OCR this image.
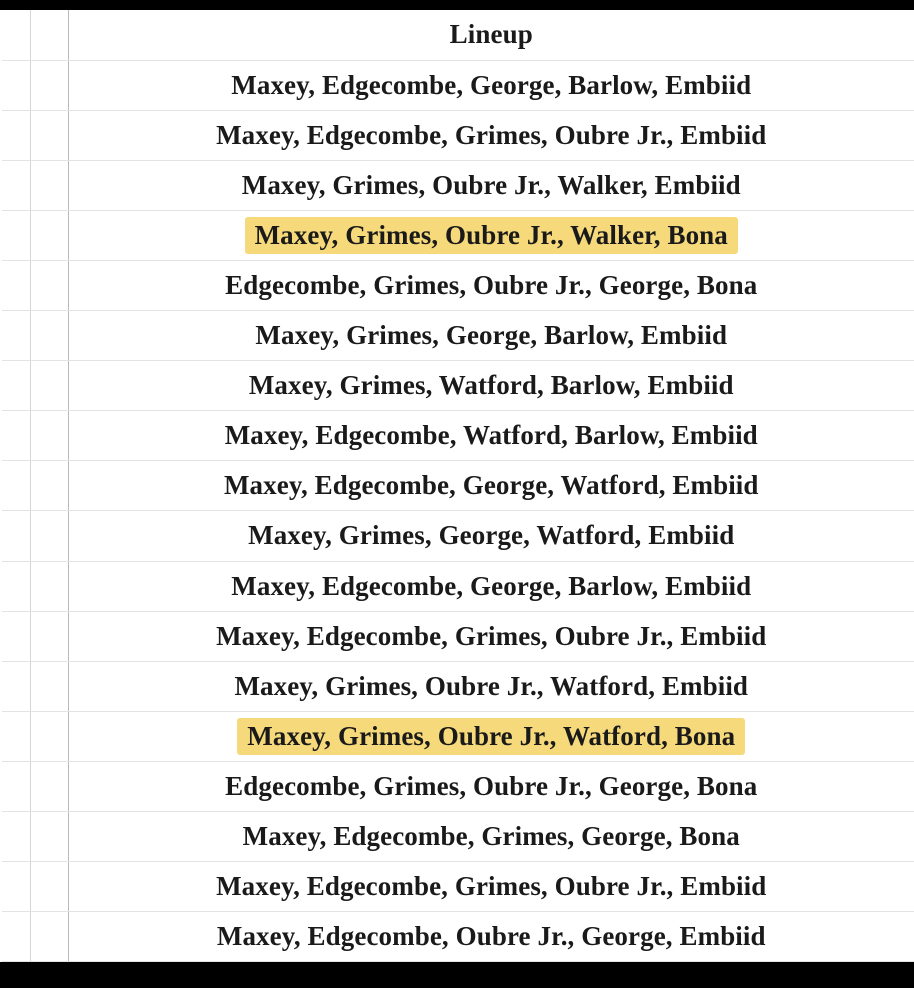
		Lineup
		Maxey, Edgecombe, George, Barlow, Embiid
		Maxey, Edgecombe, Grimes, Oubre Jr., Embiid
		Maxey, Grimes, Oubre Jr., Walker, Embiid
		Maxey, Grimes, Oubre Jr., Walker, Bona
		Edgecombe, Grimes, Oubre Jr., George, Bona
		Maxey, Grimes, George, Barlow, Embiid
		Maxey, Grimes, Watford, Barlow, Embiid
		Maxey, Edgecombe, Watford, Barlow, Embiid
		Maxey, Edgecombe, George, Watford, Embiid
		Maxey, Grimes, George, Watford, Embiid
		Maxey, Edgecombe, George, Barlow, Embiid
		Maxey, Edgecombe, Grimes, Oubre Jr., Embiid
		Maxey, Grimes, Oubre Jr., Watford, Embiid
		Maxey, Grimes, Oubre Jr., Watford, Bona
		Edgecombe, Grimes, Oubre Jr., George, Bona
		Maxey, Edgecombe, Grimes, George, Bona
		Maxey, Edgecombe, Grimes, Oubre Jr., Embiid
		Maxey, Edgecombe, Oubre Jr., George, Embiid
